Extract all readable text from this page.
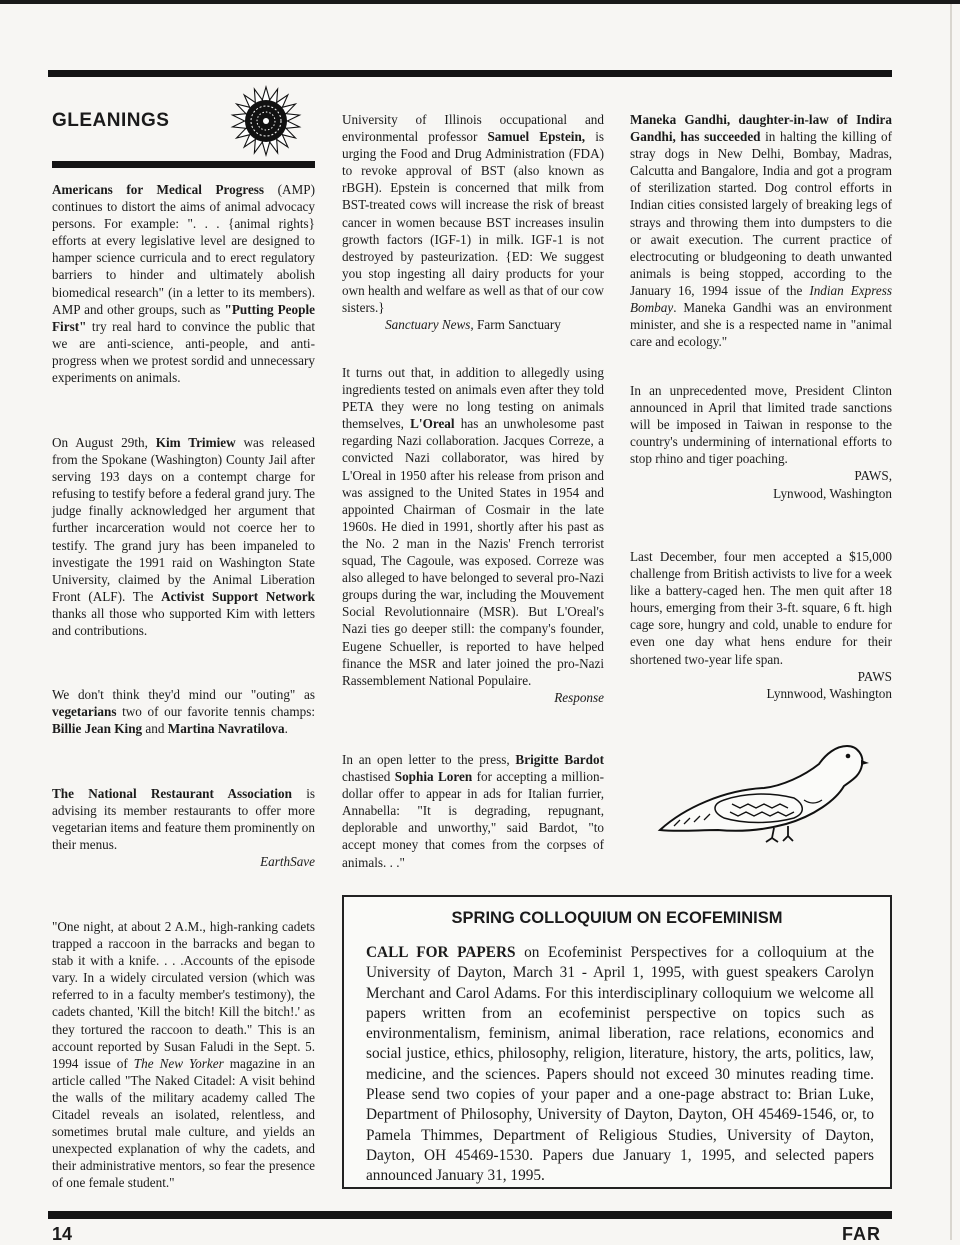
GLEANINGS
Americans for Medical Progress (AMP) continues to distort the aims of animal advocacy persons. For example: ". . . {animal rights} efforts at every legislative level are designed to hamper science curricula and to erect regulatory barriers to hinder and ultimately abolish biomedical research" (in a letter to its members). AMP and other groups, such as "Putting People First" try real hard to convince the public that we are anti-science, anti-people, and anti-progress when we protest sordid and unnecessary experiments on animals.
On August 29th, Kim Trimiew was released from the Spokane (Washington) County Jail after serving 193 days on a contempt charge for refusing to testify before a federal grand jury. The judge finally acknowledged her argument that further incarceration would not coerce her to testify. The grand jury has been impaneled to investigate the 1991 raid on Washington State University, claimed by the Animal Liberation Front (ALF). The Activist Support Network thanks all those who supported Kim with letters and contributions.
We don't think they'd mind our "outing" as vegetarians two of our favorite tennis champs: Billie Jean King and Martina Navratilova.
The National Restaurant Association is advising its member restaurants to offer more vegetarian items and feature them prominently on their menus.
EarthSave
"One night, at about 2 A.M., high-ranking cadets trapped a raccoon in the barracks and began to stab it with a knife. . . .Accounts of the episode vary. In a widely circulated version (which was referred to in a faculty member's testimony), the cadets chanted, 'Kill the bitch! Kill the bitch!.' as they tortured the raccoon to death." This is an account reported by Susan Faludi in the Sept. 5. 1994 issue of The New Yorker magazine in an article called "The Naked Citadel: A visit behind the walls of the military academy called The Citadel reveals an isolated, relentless, and sometimes brutal male culture, and yields an unexpected explanation of why the cadets, and their administrative mentors, so fear the presence of one female student."
University of Illinois occupational and environmental professor Samuel Epstein, is urging the Food and Drug Administration (FDA) to revoke approval of BST (also known as rBGH). Epstein is concerned that milk from BST-treated cows will increase the risk of breast cancer in women because BST increases insulin growth factors (IGF-1) in milk. IGF-1 is not destroyed by pasteurization. {ED: We suggest you stop ingesting all dairy products for your own health and welfare as well as that of our cow sisters.}
Sanctuary News, Farm Sanctuary
It turns out that, in addition to allegedly using ingredients tested on animals even after they told PETA they were no long testing on animals themselves, L'Oreal has an unwholesome past regarding Nazi collaboration. Jacques Correze, a convicted Nazi collaborator, was hired by L'Oreal in 1950 after his release from prison and was assigned to the United States in 1954 and appointed Chairman of Cosmair in the late 1960s. He died in 1991, shortly after his past as the No. 2 man in the Nazis' French terrorist squad, The Cagoule, was exposed. Correze was also alleged to have belonged to several pro-Nazi groups during the war, including the Mouvement Social Revolutionnaire (MSR). But L'Oreal's Nazi ties go deeper still: the company's founder, Eugene Schueller, is reported to have helped finance the MSR and later joined the pro-Nazi Rassemblement National Populaire.
Response
In an open letter to the press, Brigitte Bardot chastised Sophia Loren for accepting a million-dollar offer to appear in ads for Italian furrier, Annabella: "It is degrading, repugnant, deplorable and unworthy," said Bardot, "to accept money that comes from the corpses of animals. . ."
Maneka Gandhi, daughter-in-law of Indira Gandhi, has succeeded in halting the killing of stray dogs in New Delhi, Bombay, Madras, Calcutta and Bangalore, India and got a program of sterilization started. Dog control efforts in Indian cities consisted largely of breaking legs of strays and throwing them into dumpsters to die or await execution. The current practice of electrocuting or bludgeoning to death unwanted animals is being stopped, according to the January 16, 1994 issue of the Indian Express Bombay. Maneka Gandhi was an environment minister, and she is a respected name in "animal care and ecology."
In an unprecedented move, President Clinton announced in April that limited trade sanctions will be imposed in Taiwan in response to the country's undermining of international efforts to stop rhino and tiger poaching.
PAWS,
Lynwood, Washington
Last December, four men accepted a $15,000 challenge from British activists to live for a week like a battery-caged hen. The men quit after 18 hours, emerging from their 3-ft. square, 6 ft. high cage sore, hungry and cold, unable to endure for even one day what hens endure for their shortened two-year life span.
PAWS
Lynnwood, Washington
SPRING COLLOQUIUM ON ECOFEMINISM
CALL FOR PAPERS on Ecofeminist Perspectives for a colloquium at the University of Dayton, March 31 - April 1, 1995, with guest speakers Carolyn Merchant and Carol Adams. For this interdisciplinary colloquium we welcome all papers written from an ecofeminist perspective on topics such as environmentalism, feminism, animal liberation, race relations, economics and social justice, ethics, philosophy, religion, literature, history, the arts, politics, law, medicine, and the sciences. Papers should not exceed 30 minutes reading time. Please send two copies of your paper and a one-page abstract to: Brian Luke, Department of Philosophy, University of Dayton, Dayton, OH 45469-1546, or, to Pamela Thimmes, Department of Religious Studies, University of Dayton, Dayton, OH 45469-1530. Papers due January 1, 1995, and selected papers announced January 31, 1995.
14	FAR
